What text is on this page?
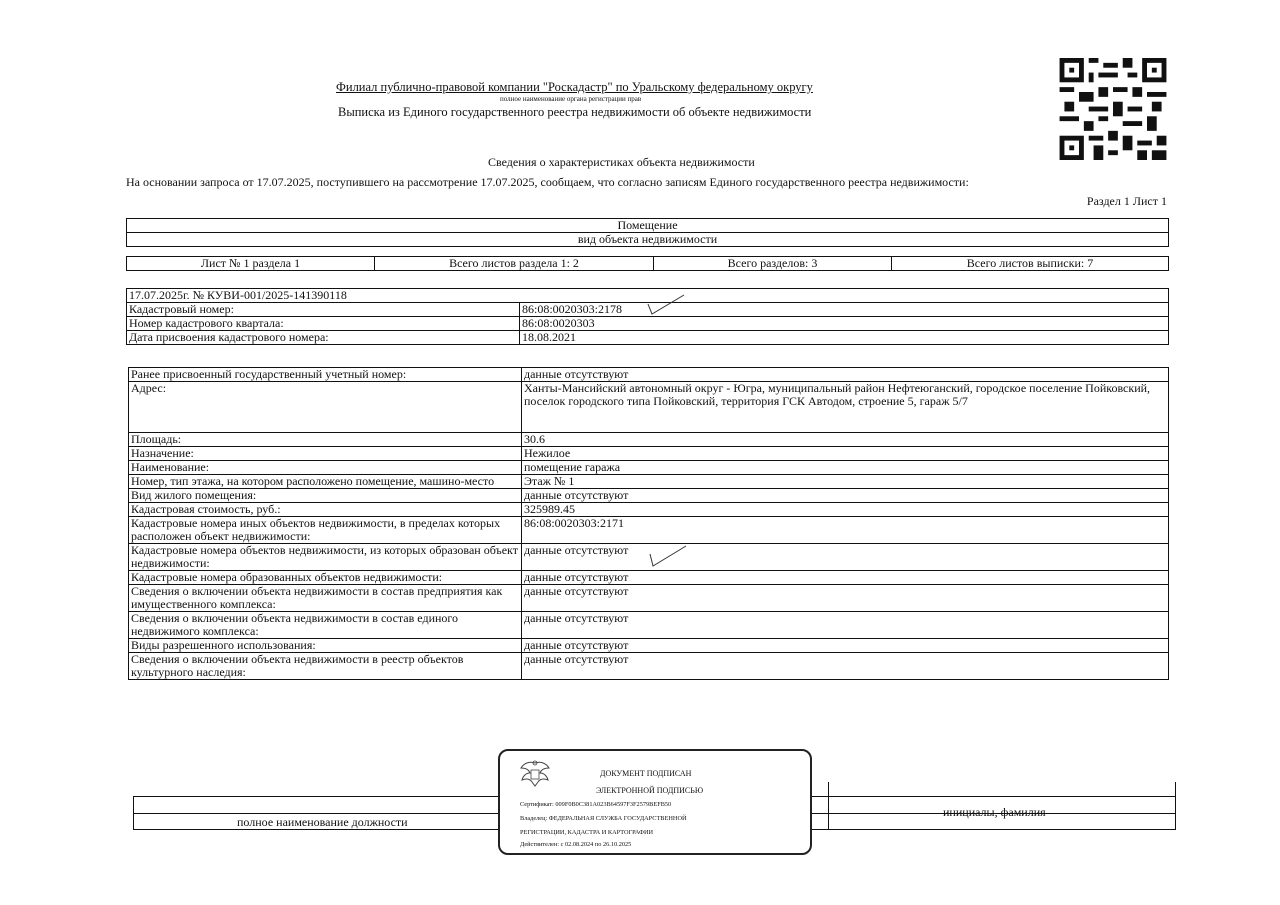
Филиал публично-правовой компании "Роскадастр" по Уральскому федеральному округу
полное наименование органа регистрации прав
Выписка из Единого государственного реестра недвижимости об объекте недвижимости
Сведения о характеристиках объекта недвижимости
На основании запроса от 17.07.2025, поступившего на рассмотрение 17.07.2025, сообщаем, что согласно записям Единого государственного реестра недвижимости:
Раздел 1 Лист 1
Помещение
вид объекта недвижимости
Лист № 1 раздела 1	Всего листов раздела 1: 2	Всего разделов: 3	Всего листов выписки: 7
17.07.2025г. № КУВИ-001/2025-141390118	
Кадастровый номер:	86:08:0020303:2178
Номер кадастрового квартала:	86:08:0020303
Дата присвоения кадастрового номера:	18.08.2021
Ранее присвоенный государственный учетный номер:	данные отсутствуют
Адрес:	Ханты-Мансийский автономный округ - Югра, муниципальный район Нефтеюганский, городское поселение Пойковский, поселок городского типа Пойковский, территория ГСК Автодом, строение 5, гараж 5/7
Площадь:	30.6
Назначение:	Нежилое
Наименование:	помещение гаража
Номер, тип этажа, на котором расположено помещение, машино-место	Этаж № 1
Вид жилого помещения:	данные отсутствуют
Кадастровая стоимость, руб.:	325989.45
Кадастровые номера иных объектов недвижимости, в пределах которых расположен объект недвижимости:	86:08:0020303:2171
Кадастровые номера объектов недвижимости, из которых образован объект недвижимости:	данные отсутствуют
Кадастровые номера образованных объектов недвижимости:	данные отсутствуют
Сведения о включении объекта недвижимости в состав предприятия как имущественного комплекса:	данные отсутствуют
Сведения о включении объекта недвижимости в состав единого недвижимого комплекса:	данные отсутствуют
Виды разрешенного использования:	данные отсутствуют
Сведения о включении объекта недвижимости в реестр объектов культурного наследия:	данные отсутствуют
полное наименование должности
инициалы, фамилия
ДОКУМЕНТ ПОДПИСАН
ЭЛЕКТРОННОЙ ПОДПИСЬЮ
Сертификат: 009F0B0C381A023B64597F3F2579BEFB50
Владелец: ФЕДЕРАЛЬНАЯ СЛУЖБА ГОСУДАРСТВЕННОЙ
РЕГИСТРАЦИИ, КАДАСТРА И КАРТОГРАФИИ
Действителен: с 02.08.2024 по 26.10.2025
